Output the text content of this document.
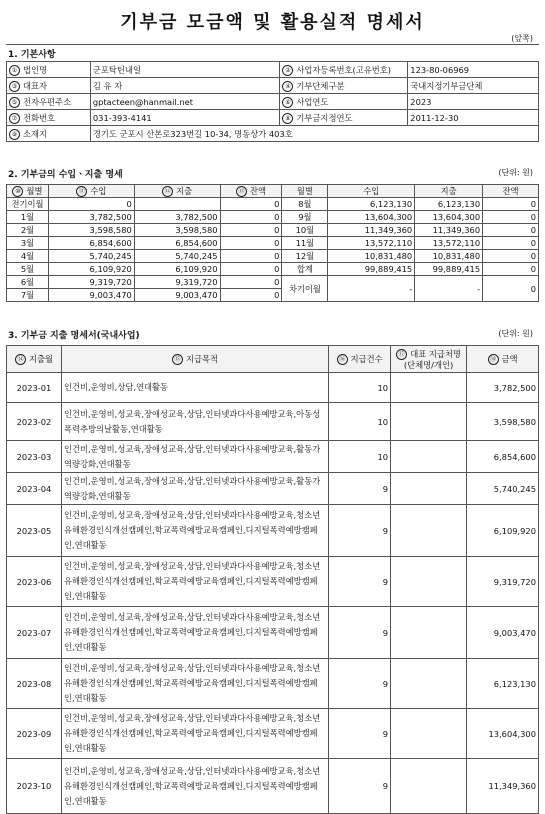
기부금 모금액 및 활용실적 명세서
(앞쪽)
1. 기본사항
① 법인명	군포탁틴내일	② 사업자등록번호(고유번호)	123-80-06969
③ 대표자	김 유 자	④ 기부단체구분	국내지정기부금단체
⑤ 전자우편주소	gptacteen@hanmail.net	⑥ 사업연도	2023
⑦ 전화번호	031-393-4141	⑧ 기부금지정연도	2011-12-30
⑨ 소재지	경기도 군포시 산본로323번길 10-34, 명동상가 403호		
2. 기부금의 수입ㆍ지출 명세	(단위: 원)
⑩ 월별	⑪ 수입	⑫ 지출	⑬ 잔액	월별	수입	지출	잔액
전기이월	0		0	8월	6,123,130	6,123,130	0
1월	3,782,500	3,782,500	0	9월	13,604,300	13,604,300	0
2월	3,598,580	3,598,580	0	10월	11,349,360	11,349,360	0
3월	6,854,600	6,854,600	0	11월	13,572,110	13,572,110	0
4월	5,740,245	5,740,245	0	12월	10,831,480	10,831,480	0
5월	6,109,920	6,109,920	0	합계	99,889,415	99,889,415	0
6월	9,319,720	9,319,720	0	차기이월	-	-	0
7월	9,003,470	9,003,470	0				
3. 기부금 지출 명세서(국내사업)	(단위: 원)
⑭ 지출월	⑮ 지급목적	⑯ 지급건수	⑰ 대표 지급처명
(단체명/개인)	⑱ 금액
2023-01	인건비,운영비,상담,연대활동	10		3,782,500
2023-02	인건비,운영비,성교육,장애성교육,상담,인터넷과다사용예방교육,아동성폭력추방의날활동,연대활동	10		3,598,580
2023-03	인건비,운영비,성교육,장애성교육,상담,인터넷과다사용예방교육,활동가역량강화,연대활동	10		6,854,600
2023-04	인건비,운영비,성교육,장애성교육,상담,인터넷과다사용예방교육,활동가역량강화,연대활동	9		5,740,245
2023-05	인건비,운영비,성교육,장애성교육,상담,인터넷과다사용예방교육,청소년유해환경인식개선캠페인,학교폭력예방교육캠페인,디지털폭력예방캠페인,연대활동	9		6,109,920
2023-06	인건비,운영비,성교육,장애성교육,상담,인터넷과다사용예방교육,청소년유해환경인식개선캠페인,학교폭력예방교육캠페인,디지털폭력예방캠페인,연대활동	9		9,319,720
2023-07	인건비,운영비,성교육,장애성교육,상담,인터넷과다사용예방교육,청소년유해환경인식개선캠페인,학교폭력예방교육캠페인,디지털폭력예방캠페인,연대활동	9		9,003,470
2023-08	인건비,운영비,성교육,장애성교육,상담,인터넷과다사용예방교육,청소년유해환경인식개선캠페인,학교폭력예방교육캠페인,디지털폭력예방캠페인,연대활동	9		6,123,130
2023-09	인건비,운영비,성교육,장애성교육,상담,인터넷과다사용예방교육,청소년유해환경인식개선캠페인,학교폭력예방교육캠페인,디지털폭력예방캠페인,연대활동	9		13,604,300
2023-10	인건비,운영비,성교육,장애성교육,상담,인터넷과다사용예방교육,청소년유해환경인식개선캠페인,학교폭력예방교육캠페인,디지털폭력예방캠페인,연대활동	9		11,349,360
